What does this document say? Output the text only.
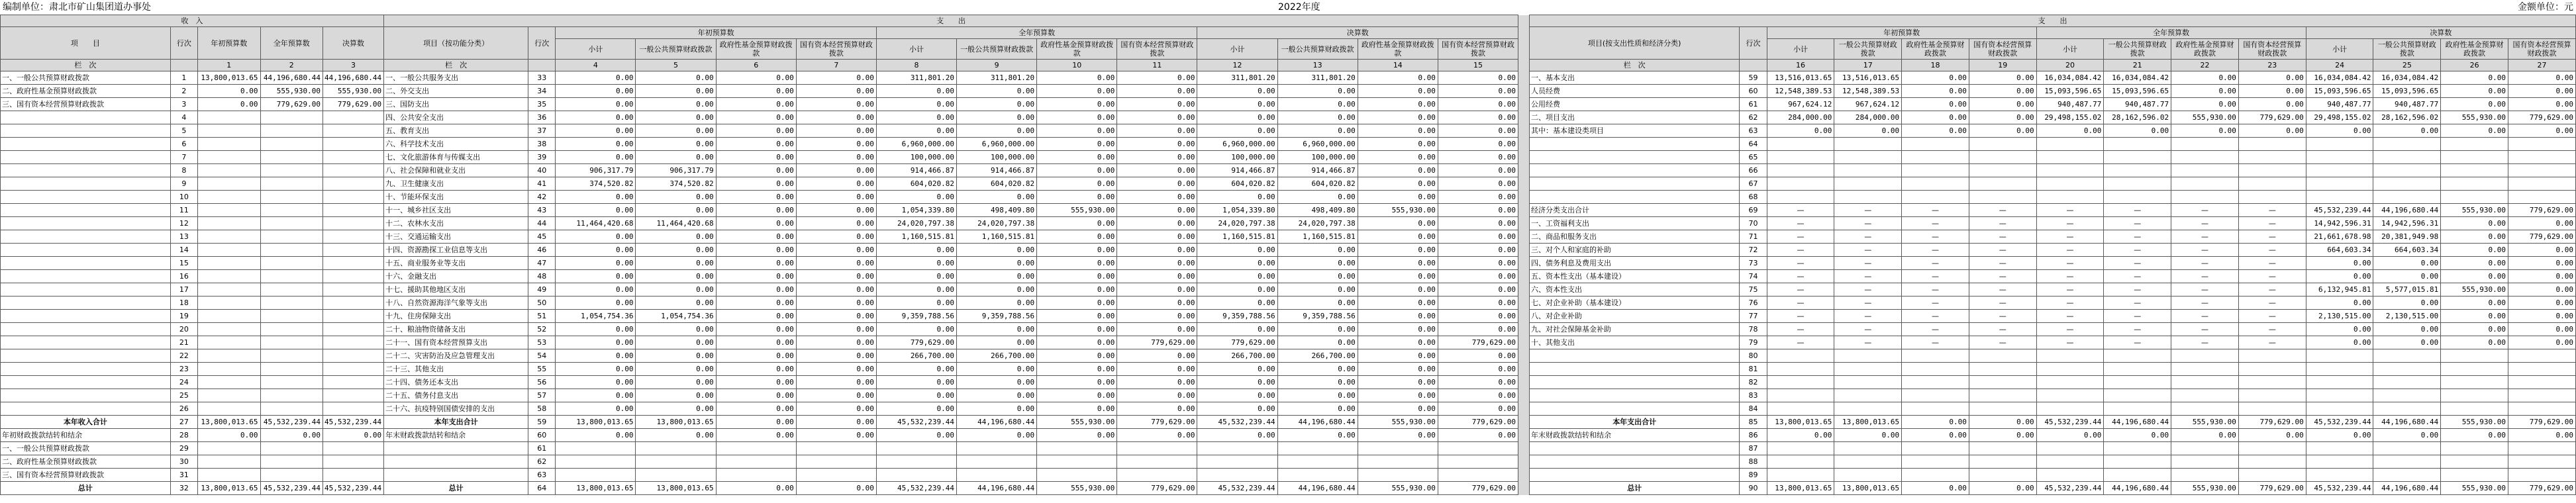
编制单位：肃北市矿山集团道办事处	2022年度	金额单位：元
收　入					支　　出															支　　出													
项　　目	行次	年初预算数	全年预算数	决算数	项目（按功能分类）	行次	年初预算数				全年预算数				决算数					项目(按支出性质和经济分类)	行次	年初预算数				全年预算数				决算数			
							小计	一般公共预算财政拨款	政府性基金预算财政拨款	国有资本经营预算财政拨款	小计	一般公共预算财政拨款	政府性基金预算财政拨款	国有资本经营预算财政拨款	小计	一般公共预算财政拨款	政府性基金预算财政拨款	国有资本经营预算财政拨款				小计	一般公共预算财政拨款	政府性基金预算财政拨款	国有资本经营预算财政拨款	小计	一般公共预算财政拨款	政府性基金预算财政拨款	国有资本经营预算财政拨款	小计	一般公共预算财政拨款	政府性基金预算财政拨款	国有资本经营预算财政拨款
栏　次		1	2	3	栏　次		4	5	6	7	8	9	10	11	12	13	14	15		栏　次		16	17	18	19	20	21	22	23	24	25	26	27
一、一般公共预算财政拨款	1	13,800,013.65	44,196,680.44	44,196,680.44	一、一般公共服务支出	33	0.00	0.00	0.00	0.00	311,801.20	311,801.20	0.00	0.00	311,801.20	311,801.20	0.00	0.00		一、基本支出	59	13,516,013.65	13,516,013.65	0.00	0.00	16,034,084.42	16,034,084.42	0.00	0.00	16,034,084.42	16,034,084.42	0.00	0.00
二、政府性基金预算财政拨款	2	0.00	555,930.00	555,930.00	二、外交支出	34	0.00	0.00	0.00	0.00	0.00	0.00	0.00	0.00	0.00	0.00	0.00	0.00		人员经费	60	12,548,389.53	12,548,389.53	0.00	0.00	15,093,596.65	15,093,596.65	0.00	0.00	15,093,596.65	15,093,596.65	0.00	0.00
三、国有资本经营预算财政拨款	3	0.00	779,629.00	779,629.00	三、国防支出	35	0.00	0.00	0.00	0.00	0.00	0.00	0.00	0.00	0.00	0.00	0.00	0.00		公用经费	61	967,624.12	967,624.12	0.00	0.00	940,487.77	940,487.77	0.00	0.00	940,487.77	940,487.77	0.00	0.00
	4				四、公共安全支出	36	0.00	0.00	0.00	0.00	0.00	0.00	0.00	0.00	0.00	0.00	0.00	0.00		二、项目支出	62	284,000.00	284,000.00	0.00	0.00	29,498,155.02	28,162,596.02	555,930.00	779,629.00	29,498,155.02	28,162,596.02	555,930.00	779,629.00
	5				五、教育支出	37	0.00	0.00	0.00	0.00	0.00	0.00	0.00	0.00	0.00	0.00	0.00	0.00		其中：基本建设类项目	63	0.00	0.00	0.00	0.00	0.00	0.00	0.00	0.00	0.00	0.00	0.00	0.00
	6				六、科学技术支出	38	0.00	0.00	0.00	0.00	6,960,000.00	6,960,000.00	0.00	0.00	6,960,000.00	6,960,000.00	0.00	0.00			64												
	7				七、文化旅游体育与传媒支出	39	0.00	0.00	0.00	0.00	100,000.00	100,000.00	0.00	0.00	100,000.00	100,000.00	0.00	0.00			65												
	8				八、社会保障和就业支出	40	906,317.79	906,317.79	0.00	0.00	914,466.87	914,466.87	0.00	0.00	914,466.87	914,466.87	0.00	0.00			66												
	9				九、卫生健康支出	41	374,520.82	374,520.82	0.00	0.00	604,020.82	604,020.82	0.00	0.00	604,020.82	604,020.82	0.00	0.00			67												
	10				十、节能环保支出	42	0.00	0.00	0.00	0.00	0.00	0.00	0.00	0.00	0.00	0.00	0.00	0.00			68												
	11				十一、城乡社区支出	43	0.00	0.00	0.00	0.00	1,054,339.80	498,409.80	555,930.00	0.00	1,054,339.80	498,409.80	555,930.00	0.00		经济分类支出合计	69	—	—	—	—	—	—	—	—	45,532,239.44	44,196,680.44	555,930.00	779,629.00
	12				十二、农林水支出	44	11,464,420.68	11,464,420.68	0.00	0.00	24,020,797.38	24,020,797.38	0.00	0.00	24,020,797.38	24,020,797.38	0.00	0.00		一、工资福利支出	70	—	—	—	—	—	—	—	—	14,942,596.31	14,942,596.31	0.00	0.00
	13				十三、交通运输支出	45	0.00	0.00	0.00	0.00	1,160,515.81	1,160,515.81	0.00	0.00	1,160,515.81	1,160,515.81	0.00	0.00		二、商品和服务支出	71	—	—	—	—	—	—	—	—	21,661,678.98	20,381,949.98	0.00	779,629.00
	14				十四、资源勘探工业信息等支出	46	0.00	0.00	0.00	0.00	0.00	0.00	0.00	0.00	0.00	0.00	0.00	0.00		三、对个人和家庭的补助	72	—	—	—	—	—	—	—	—	664,603.34	664,603.34	0.00	0.00
	15				十五、商业服务业等支出	47	0.00	0.00	0.00	0.00	0.00	0.00	0.00	0.00	0.00	0.00	0.00	0.00		四、债务利息及费用支出	73	—	—	—	—	—	—	—	—	0.00	0.00	0.00	0.00
	16				十六、金融支出	48	0.00	0.00	0.00	0.00	0.00	0.00	0.00	0.00	0.00	0.00	0.00	0.00		五、资本性支出（基本建设）	74	—	—	—	—	—	—	—	—	0.00	0.00	0.00	0.00
	17				十七、援助其他地区支出	49	0.00	0.00	0.00	0.00	0.00	0.00	0.00	0.00	0.00	0.00	0.00	0.00		六、资本性支出	75	—	—	—	—	—	—	—	—	6,132,945.81	5,577,015.81	555,930.00	0.00
	18				十八、自然资源海洋气象等支出	50	0.00	0.00	0.00	0.00	0.00	0.00	0.00	0.00	0.00	0.00	0.00	0.00		七、对企业补助（基本建设）	76	—	—	—	—	—	—	—	—	0.00	0.00	0.00	0.00
	19				十九、住房保障支出	51	1,054,754.36	1,054,754.36	0.00	0.00	9,359,788.56	9,359,788.56	0.00	0.00	9,359,788.56	9,359,788.56	0.00	0.00		八、对企业补助	77	—	—	—	—	—	—	—	—	2,130,515.00	2,130,515.00	0.00	0.00
	20				二十、粮油物资储备支出	52	0.00	0.00	0.00	0.00	0.00	0.00	0.00	0.00	0.00	0.00	0.00	0.00		九、对社会保障基金补助	78	—	—	—	—	—	—	—	—	0.00	0.00	0.00	0.00
	21				二十一、国有资本经营预算支出	53	0.00	0.00	0.00	0.00	779,629.00	0.00	0.00	779,629.00	779,629.00	0.00	0.00	779,629.00		十、其他支出	79	—	—	—	—	—	—	—	—	0.00	0.00	0.00	0.00
	22				二十二、灾害防治及应急管理支出	54	0.00	0.00	0.00	0.00	266,700.00	266,700.00	0.00	0.00	266,700.00	266,700.00	0.00	0.00			80												
	23				二十三、其他支出	55	0.00	0.00	0.00	0.00	0.00	0.00	0.00	0.00	0.00	0.00	0.00	0.00			81												
	24				二十四、债务还本支出	56	0.00	0.00	0.00	0.00	0.00	0.00	0.00	0.00	0.00	0.00	0.00	0.00			82												
	25				二十五、债务付息支出	57	0.00	0.00	0.00	0.00	0.00	0.00	0.00	0.00	0.00	0.00	0.00	0.00			83												
	26				二十六、抗疫特别国债安排的支出	58	0.00	0.00	0.00	0.00	0.00	0.00	0.00	0.00	0.00	0.00	0.00	0.00			84												
本年收入合计	27	13,800,013.65	45,532,239.44	45,532,239.44	本年支出合计	59	13,800,013.65	13,800,013.65	0.00	0.00	45,532,239.44	44,196,680.44	555,930.00	779,629.00	45,532,239.44	44,196,680.44	555,930.00	779,629.00		本年支出合计	85	13,800,013.65	13,800,013.65	0.00	0.00	45,532,239.44	44,196,680.44	555,930.00	779,629.00	45,532,239.44	44,196,680.44	555,930.00	779,629.00
年初财政拨款结转和结余	28	0.00	0.00	0.00	年末财政拨款结转和结余	60	0.00	0.00	0.00	0.00	0.00	0.00	0.00	0.00	0.00	0.00	0.00	0.00		年末财政拨款结转和结余	86	0.00	0.00	0.00	0.00	0.00	0.00	0.00	0.00	0.00	0.00	0.00	0.00
一、一般公共预算财政拨款	29					61															87												
二、政府性基金预算财政拨款	30					62															88												
三、国有资本经营预算财政拨款	31					63															89												
总计	32	13,800,013.65	45,532,239.44	45,532,239.44	总计	64	13,800,013.65	13,800,013.65	0.00	0.00	45,532,239.44	44,196,680.44	555,930.00	779,629.00	45,532,239.44	44,196,680.44	555,930.00	779,629.00		总计	90	13,800,013.65	13,800,013.65	0.00	0.00	45,532,239.44	44,196,680.44	555,930.00	779,629.00	45,532,239.44	44,196,680.44	555,930.00	779,629.00
